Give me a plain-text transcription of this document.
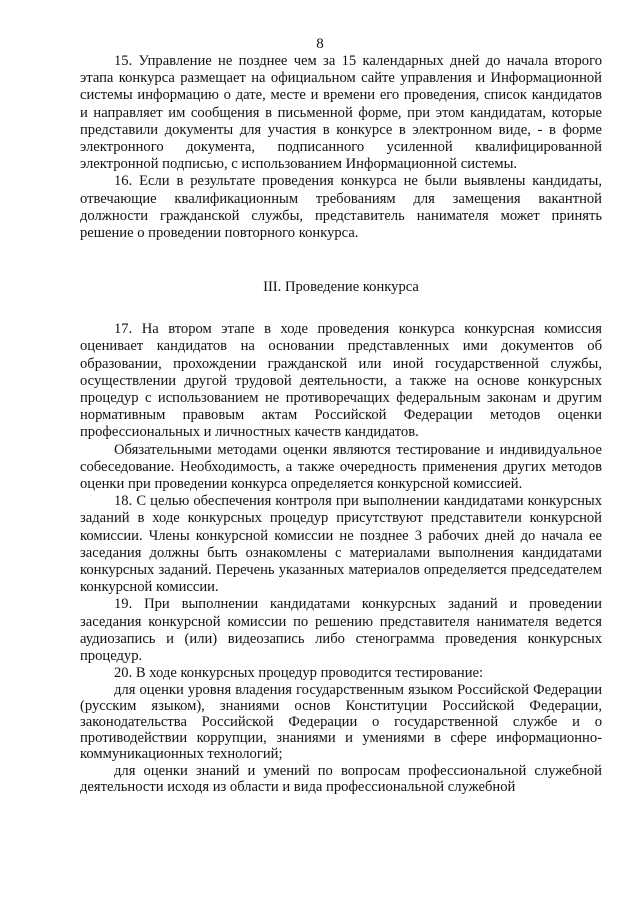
8

15. Управление не позднее чем за 15 календарных дней до начала второго этапа конкурса размещает на официальном сайте управления и Информационной системы информацию о дате, месте и времени его проведения, список кандидатов и направляет им сообщения в письменной форме, при этом кандидатам, которые представили документы для участия в конкурсе в электронном виде, - в форме электронного документа, подписанного усиленной квалифицированной электронной подписью, с использованием Информационной системы.

16. Если в результате проведения конкурса не были выявлены кандидаты, отвечающие квалификационным требованиям для замещения вакантной должности гражданской службы, представитель нанимателя может принять решение о проведении повторного конкурса.

III. Проведение конкурса

17. На втором этапе в ходе проведения конкурса конкурсная комиссия оценивает кандидатов на основании представленных ими документов об образовании, прохождении гражданской или иной государственной службы, осуществлении другой трудовой деятельности, а также на основе конкурсных процедур с использованием не противоречащих федеральным законам и другим нормативным правовым актам Российской Федерации методов оценки профессиональных и личностных качеств кандидатов.

Обязательными методами оценки являются тестирование и индивидуальное собеседование. Необходимость, а также очередность применения других методов оценки при проведении конкурса определяется конкурсной комиссией.

18. С целью обеспечения контроля при выполнении кандидатами конкурсных заданий в ходе конкурсных процедур присутствуют представители конкурсной комиссии. Члены конкурсной комиссии не позднее 3 рабочих дней до начала ее заседания должны быть ознакомлены с материалами выполнения кандидатами конкурсных заданий. Перечень указанных материалов определяется председателем конкурсной комиссии.

19. При выполнении кандидатами конкурсных заданий и проведении заседания конкурсной комиссии по решению представителя нанимателя ведется аудиозапись и (или) видеозапись либо стенограмма проведения конкурсных процедур.

20. В ходе конкурсных процедур проводится тестирование:

для оценки уровня владения государственным языком Российской Федерации (русским языком), знаниями основ Конституции Российской Федерации, законодательства Российской Федерации о государственной службе и о противодействии коррупции, знаниями и умениями в сфере информационно-коммуникационных технологий;

для оценки знаний и умений по вопросам профессиональной служебной деятельности исходя из области и вида профессиональной служебной
